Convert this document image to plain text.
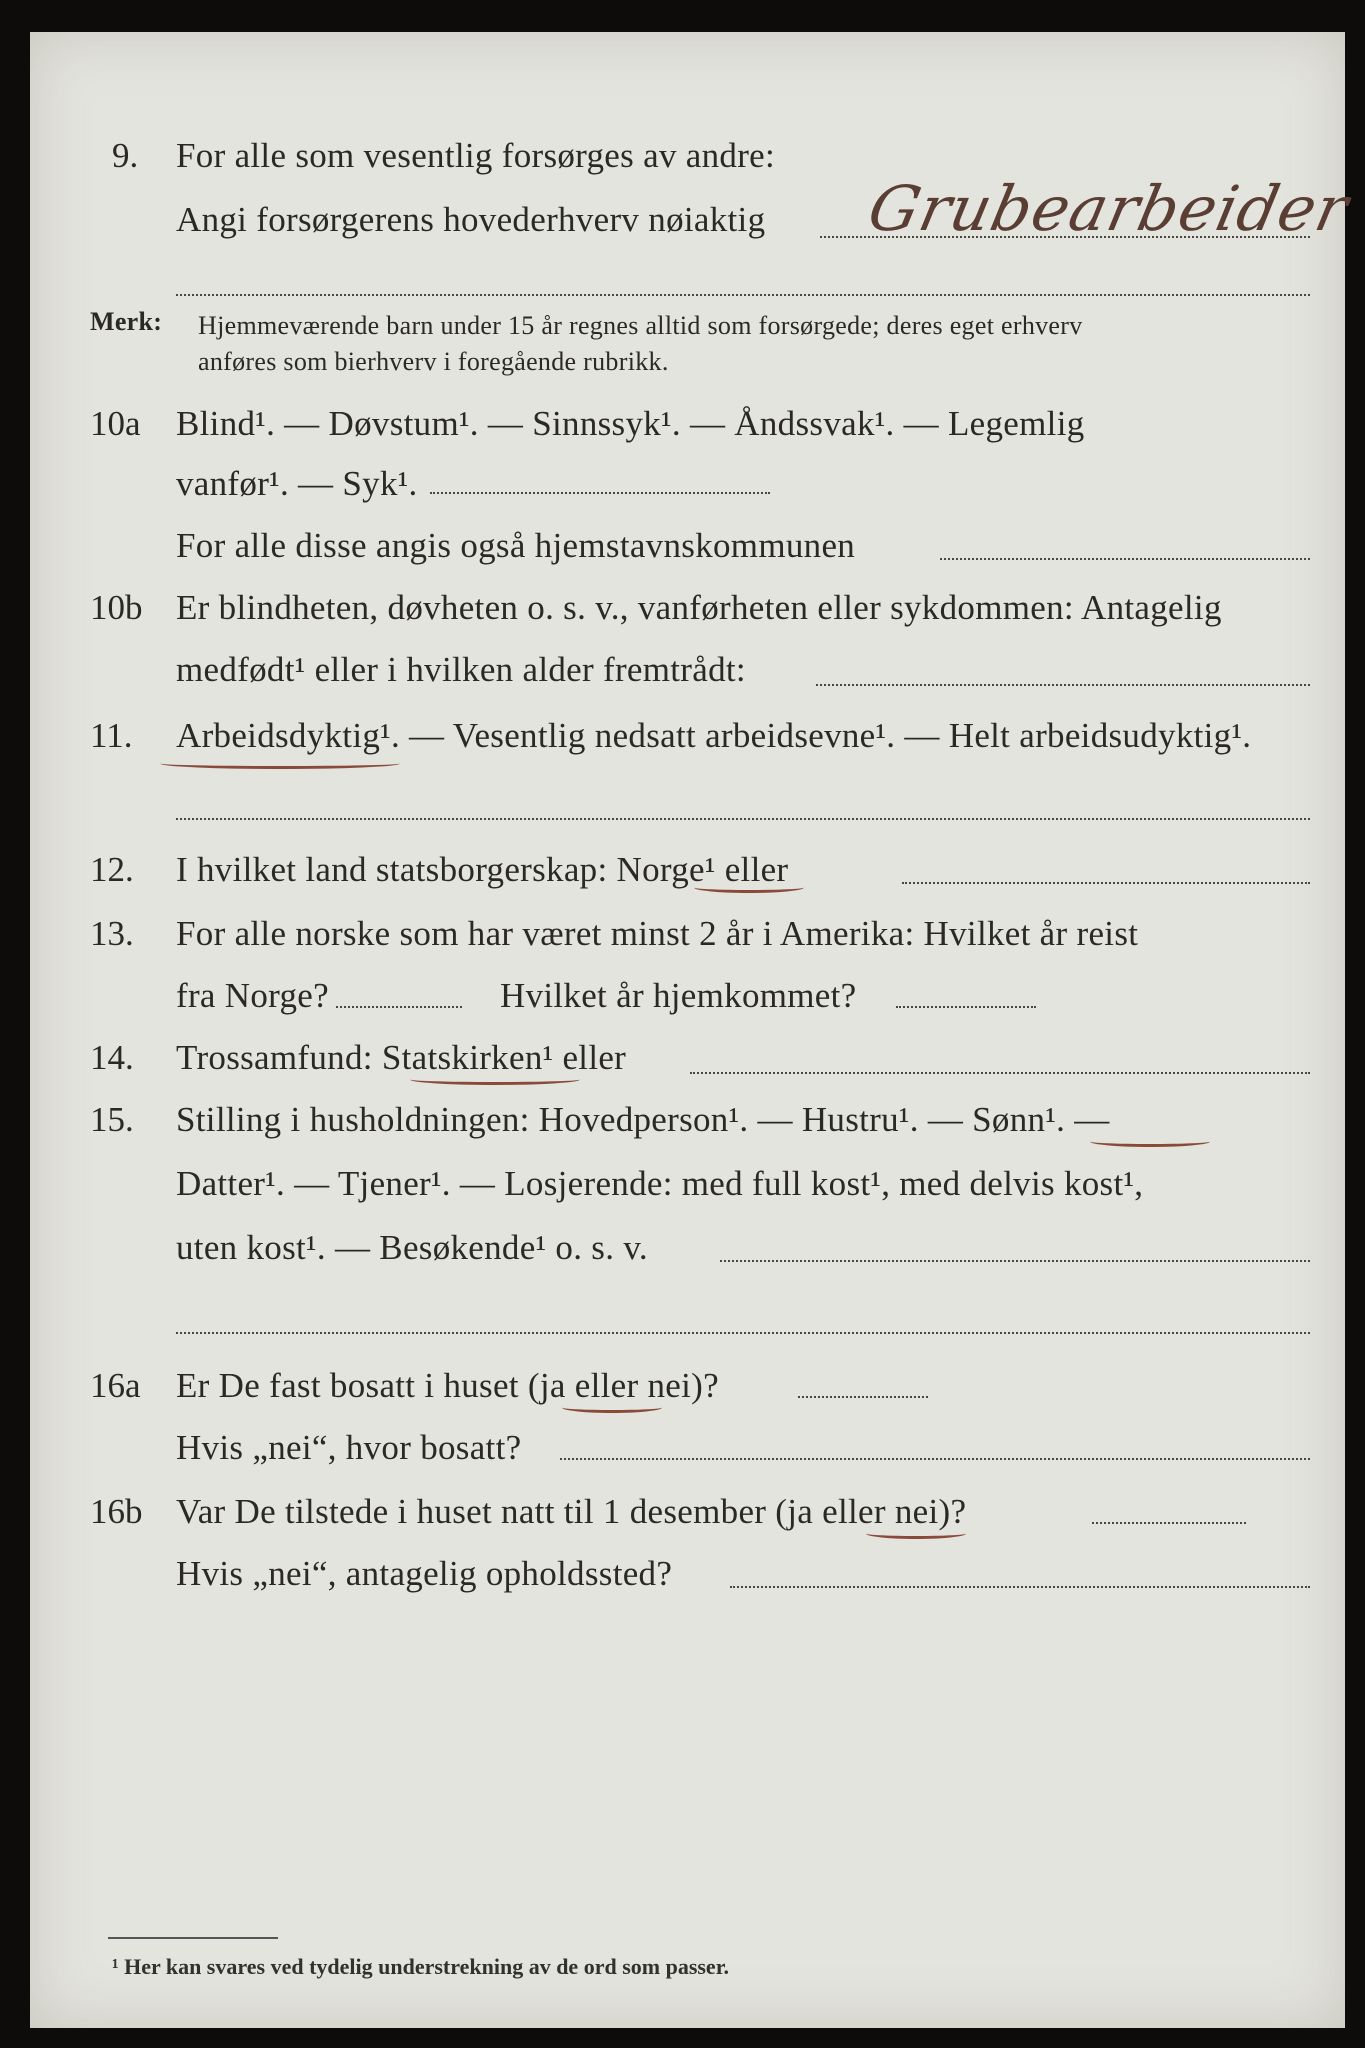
9. For alle som vesentlig forsørges av andre:
Angi forsørgerens hovederhverv nøiaktig Grubearbeider
Merk: Hjemmeværende barn under 15 år regnes alltid som forsørgede; deres eget erhverv
anføres som bierhverv i foregående rubrikk.
10a Blind¹. — Døvstum¹. — Sinnssyk¹. — Åndssvak¹. — Legemlig
vanfør¹. — Syk¹.
For alle disse angis også hjemstavnskommunen
10b Er blindheten, døvheten o. s. v., vanførheten eller sykdommen: Antagelig
medfødt¹ eller i hvilken alder fremtrådt:
11. Arbeidsdyktig¹. — Vesentlig nedsatt arbeidsevne¹. — Helt arbeidsudyktig¹.
12. I hvilket land statsborgerskap: Norge¹ eller
13. For alle norske som har været minst 2 år i Amerika: Hvilket år reist
fra Norge?	Hvilket år hjemkommet?
14. Trossamfund: Statskirken¹ eller
15. Stilling i husholdningen: Hovedperson¹. — Hustru¹. — Sønn¹. —
Datter¹. — Tjener¹. — Losjerende: med full kost¹, med delvis kost¹,
uten kost¹. — Besøkende¹ o. s. v.
16a Er De fast bosatt i huset (ja eller nei)?
Hvis „nei“, hvor bosatt?
16b Var De tilstede i huset natt til 1 desember (ja eller nei)?
Hvis „nei“, antagelig opholdssted?
¹ Her kan svares ved tydelig understrekning av de ord som passer.
